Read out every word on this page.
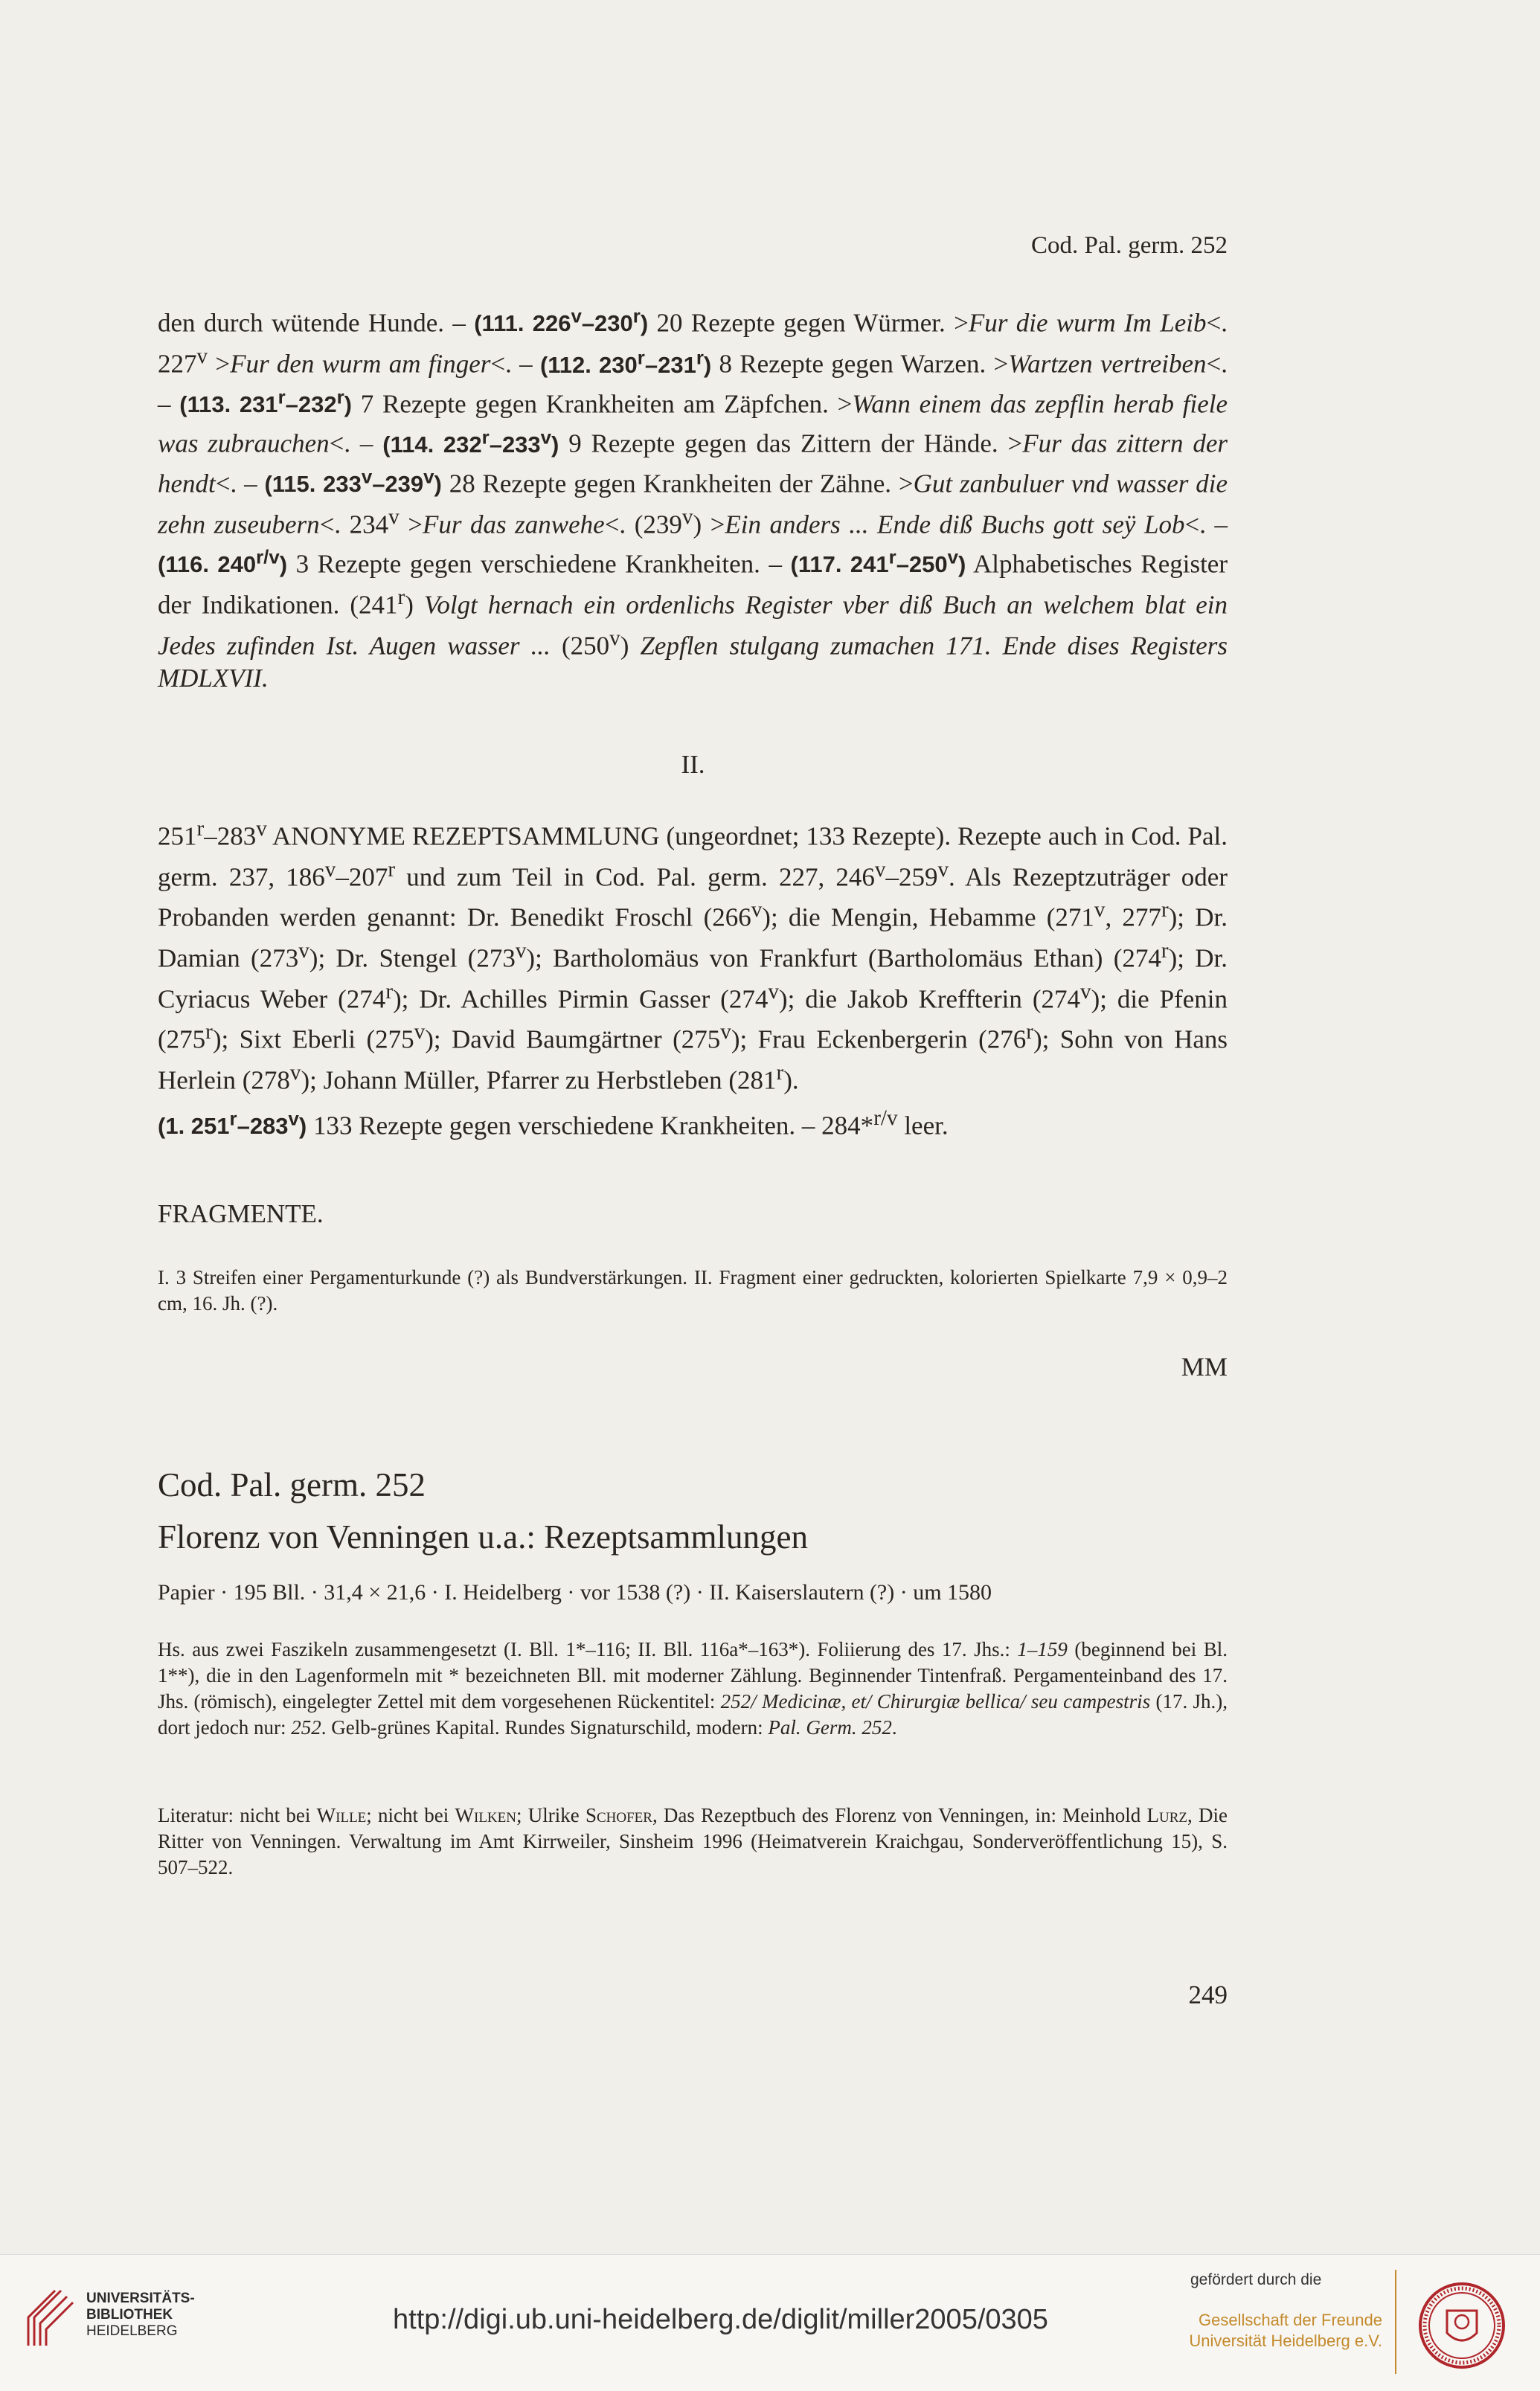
Cod. Pal. germ. 252

den durch wütende Hunde. – (111. 226$^v$–230$^r$) 20 Rezepte gegen Würmer. >Fur die wurm Im Leib<. $227^v >Fur$ den wurm am finger<. – (112. 230$^r$–231$^r$) 8 Rezepte gegen Warzen. >Wartzen vertreiben<. – (113. 231$^r$–232$^r$) 7 Rezepte gegen Krankheiten am Zäpfchen. >Wann einem das zepflin herab fiele was zubrauchen<. – (114. 232$^r$–233$^v$) 9 Rezepte gegen das Zittern der Hände. >Fur das zittern der hendt<. – (115. 233$^v$–239$^v$) 28 Rezepte gegen Krankheiten der Zähne. >Gut zanbuluer vnd wasser die zehn zuseubern<. $234^v >Fur$ das zanwehe<. $(239^v) >Ein$ anders ... Ende diß Buchs gott seӱ Lob<. – (116. $240^{r/v}$) 3 Rezepte gegen verschiedene Krankheiten. – (117. 241$^r$–250$^v$) Alphabetisches Register der Indikationen. (241$^r$) Volgt hernach ein ordenlichs Register vber diß Buch an welchem blat ein Jedes zufinden Ist. Augen wasser ... (250$^v$) Zepflen stulgang zumachen 171. Ende dises Registers MDLXVII.

II.

251$^r$–283$^v$ ANONYME REZEPTSAMMLUNG (ungeordnet; 133 Rezepte). Rezepte auch in Cod. Pal. germ. 237, 186$^v$–207$^r$ und zum Teil in Cod. Pal. germ. 227, 246$^v$–259$^v$. Als Rezeptzuträger oder Probanden werden genannt: Dr. Benedikt Froschl (266$^v$); die Mengin, Hebamme (271$^v$, 277$^r$); Dr. Damian (273$^v$); Dr. Stengel (273$^v$); Bartholomäus von Frankfurt (Bartholomäus Ethan) (274$^r$); Dr. Cyriacus Weber (274$^r$); Dr. Achilles Pirmin Gasser (274$^v$); die Jakob Kreffterin (274$^v$); die Pfenin (275$^r$); Sixt Eberli (275$^v$); David Baumgärtner (275$^v$); Frau Eckenbergerin (276$^r$); Sohn von Hans Herlein (278$^v$); Johann Müller, Pfarrer zu Herbstleben (281$^r$).

(1. 251$^r$–283$^v$) 133 Rezepte gegen verschiedene Krankheiten. – 284*$^{r/v}$ leer.

FRAGMENTE.

I. 3 Streifen einer Pergamenturkunde (?) als Bundverstärkungen. II. Fragment einer gedruckten, kolorierten Spielkarte 7,9 × 0,9–2 cm, 16. Jh. (?).

MM
Cod. Pal. germ. 252
Florenz von Venningen u.a.: Rezeptsammlungen

Papier · 195 Bll. · 31,4 × 21,6 · I. Heidelberg · vor 1538 (?) · II. Kaiserslautern (?) · um 1580

Hs. aus zwei Faszikeln zusammengesetzt (I. Bll. 1*–116; II. Bll. 116a*–163*). Foliierung des 17. Jhs.: 1–159 (beginnend bei Bl. 1**), die in den Lagenformeln mit * bezeichneten Bll. mit moderner Zählung. Beginnender Tintenfraß. Pergamenteinband des 17. Jhs. (römisch), eingelegter Zettel mit dem vorgesehenen Rückentitel: 252/ Medicinæ, et/ Chirurgiæ bellica/ seu campestris (17. Jh.), dort jedoch nur: 252. Gelb-grünes Kapital. Rundes Signaturschild, modern: Pal. Germ. 252.

Literatur: nicht bei Wille; nicht bei Wilken; Ulrike Schofer, Das Rezeptbuch des Florenz von Venningen, in: Meinhold Lurz, Die Ritter von Venningen. Verwaltung im Amt Kirrweiler, Sinsheim 1996 (Heimatverein Kraichgau, Sonderveröffentlichung 15), S. 507–522.

249
UNIVERSITÄTS-
BIBLIOTHEK
HEIDELBERG	http://digi.ub.uni-heidelberg.de/diglit/miller2005/0305
gefördert durch die
Gesellschaft der Freunde
Universität Heidelberg e.V.
